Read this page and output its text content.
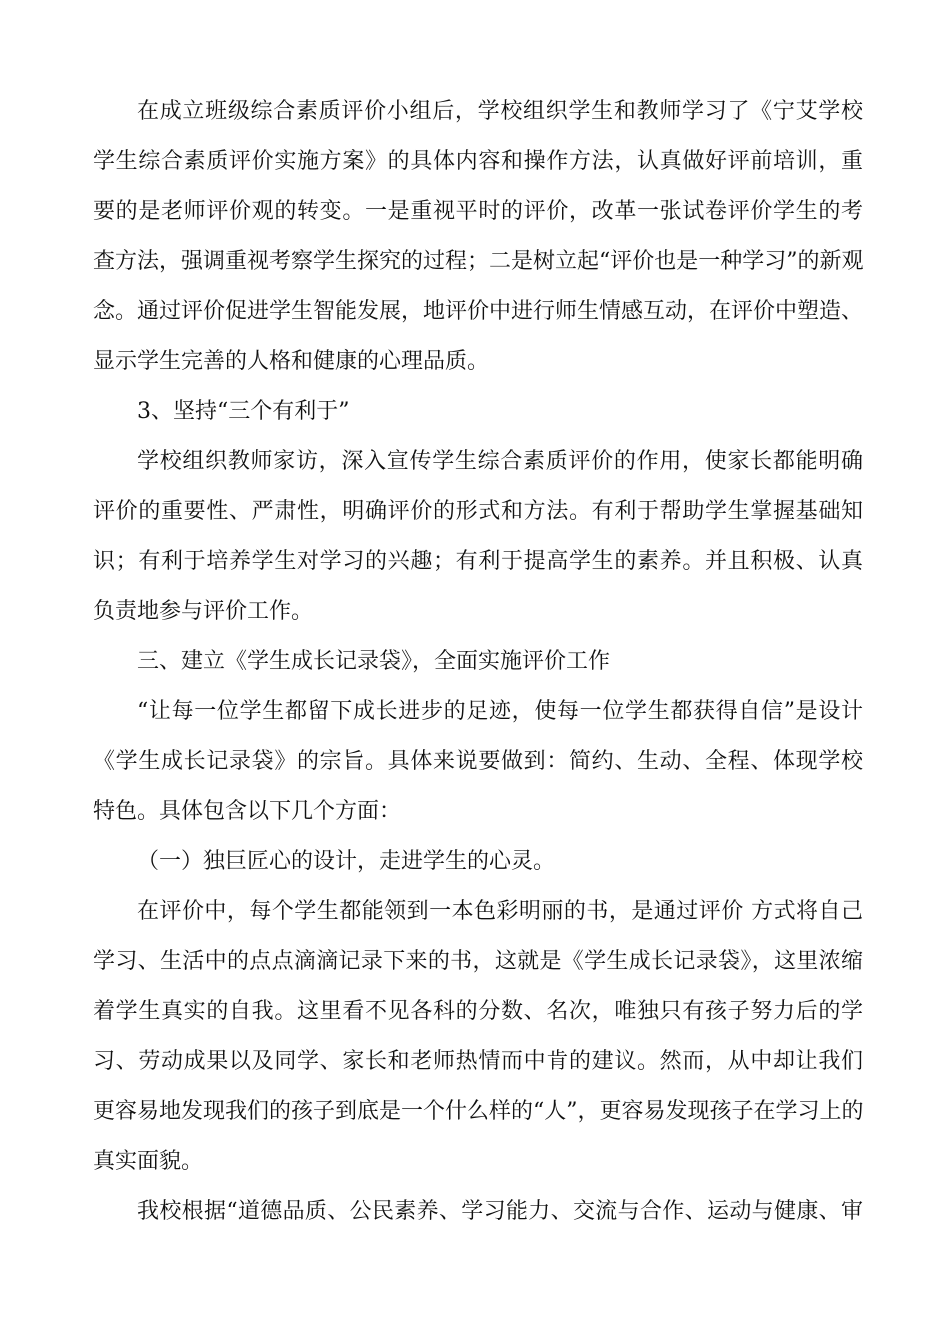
在成立班级综合素质评价小组后，学校组织学生和教师学习了《宁艾学校
学生综合素质评价实施方案》的具体内容和操作方法，认真做好评前培训，重
要的是老师评价观的转变。一是重视平时的评价，改革一张试卷评价学生的考
查方法，强调重视考察学生探究的过程；二是树立起“评价也是一种学习”的新观
念。通过评价促进学生智能发展，地评价中进行师生情感互动，在评价中塑造、
显示学生完善的人格和健康的心理品质。
3、坚持“三个有利于”
学校组织教师家访，深入宣传学生综合素质评价的作用，使家长都能明确
评价的重要性、严肃性，明确评价的形式和方法。有利于帮助学生掌握基础知
识；有利于培养学生对学习的兴趣；有利于提高学生的素养。并且积极、认真
负责地参与评价工作。
三、建立《学生成长记录袋》，全面实施评价工作
“让每一位学生都留下成长进步的足迹，使每一位学生都获得自信”是设计
《学生成长记录袋》的宗旨。具体来说要做到：简约、生动、全程、体现学校
特色。具体包含以下几个方面：
（一）独巨匠心的设计，走进学生的心灵。
在评价中，每个学生都能领到一本色彩明丽的书，是通过评价 方式将自己
学习、生活中的点点滴滴记录下来的书，这就是《学生成长记录袋》，这里浓缩
着学生真实的自我。这里看不见各科的分数、名次，唯独只有孩子努力后的学
习、劳动成果以及同学、家长和老师热情而中肯的建议。然而，从中却让我们
更容易地发现我们的孩子到底是一个什么样的“人”，更容易发现孩子在学习上的
真实面貌。
我校根据“道德品质、公民素养、学习能力、交流与合作、运动与健康、审
